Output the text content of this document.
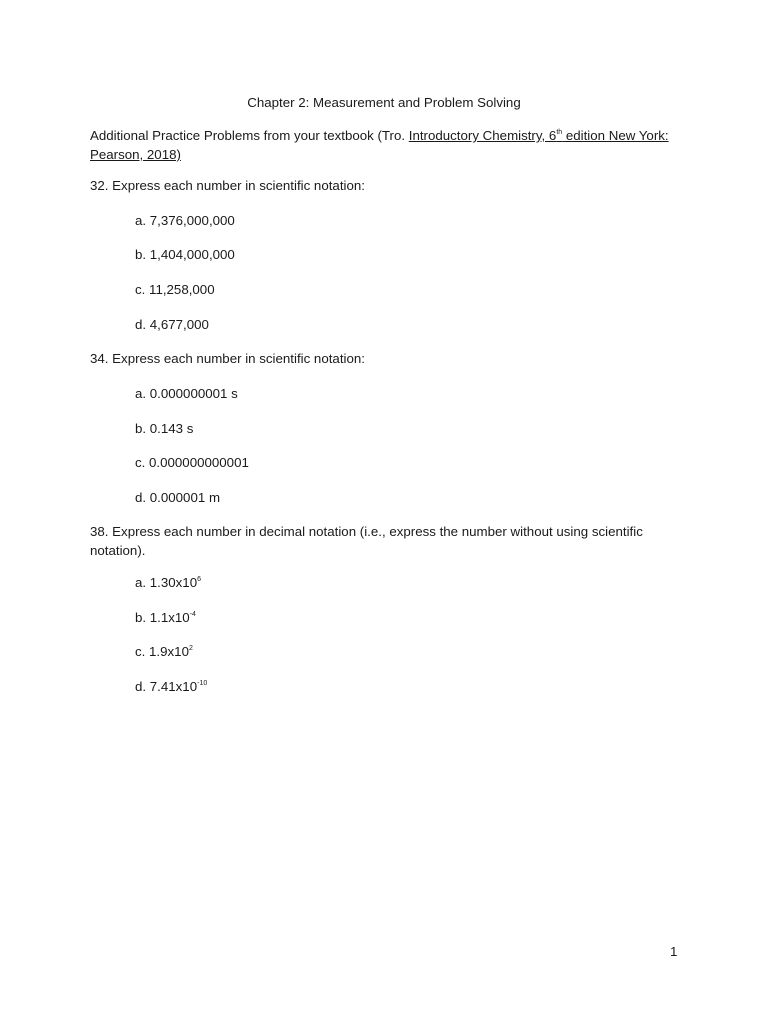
Chapter 2: Measurement and Problem Solving
Additional Practice Problems from your textbook (Tro. Introductory Chemistry, 6th edition New York: Pearson, 2018)
32. Express each number in scientific notation:
a. 7,376,000,000
b. 1,404,000,000
c. 11,258,000
d. 4,677,000
34. Express each number in scientific notation:
a. 0.000000001 s
b. 0.143 s
c. 0.000000000001
d. 0.000001 m
38. Express each number in decimal notation (i.e., express the number without using scientific notation).
a. $1.30x10^6$
b. $1.1x10^{-4}$
c. $1.9x10^2$
d. $7.41x10^{-10}$
1
